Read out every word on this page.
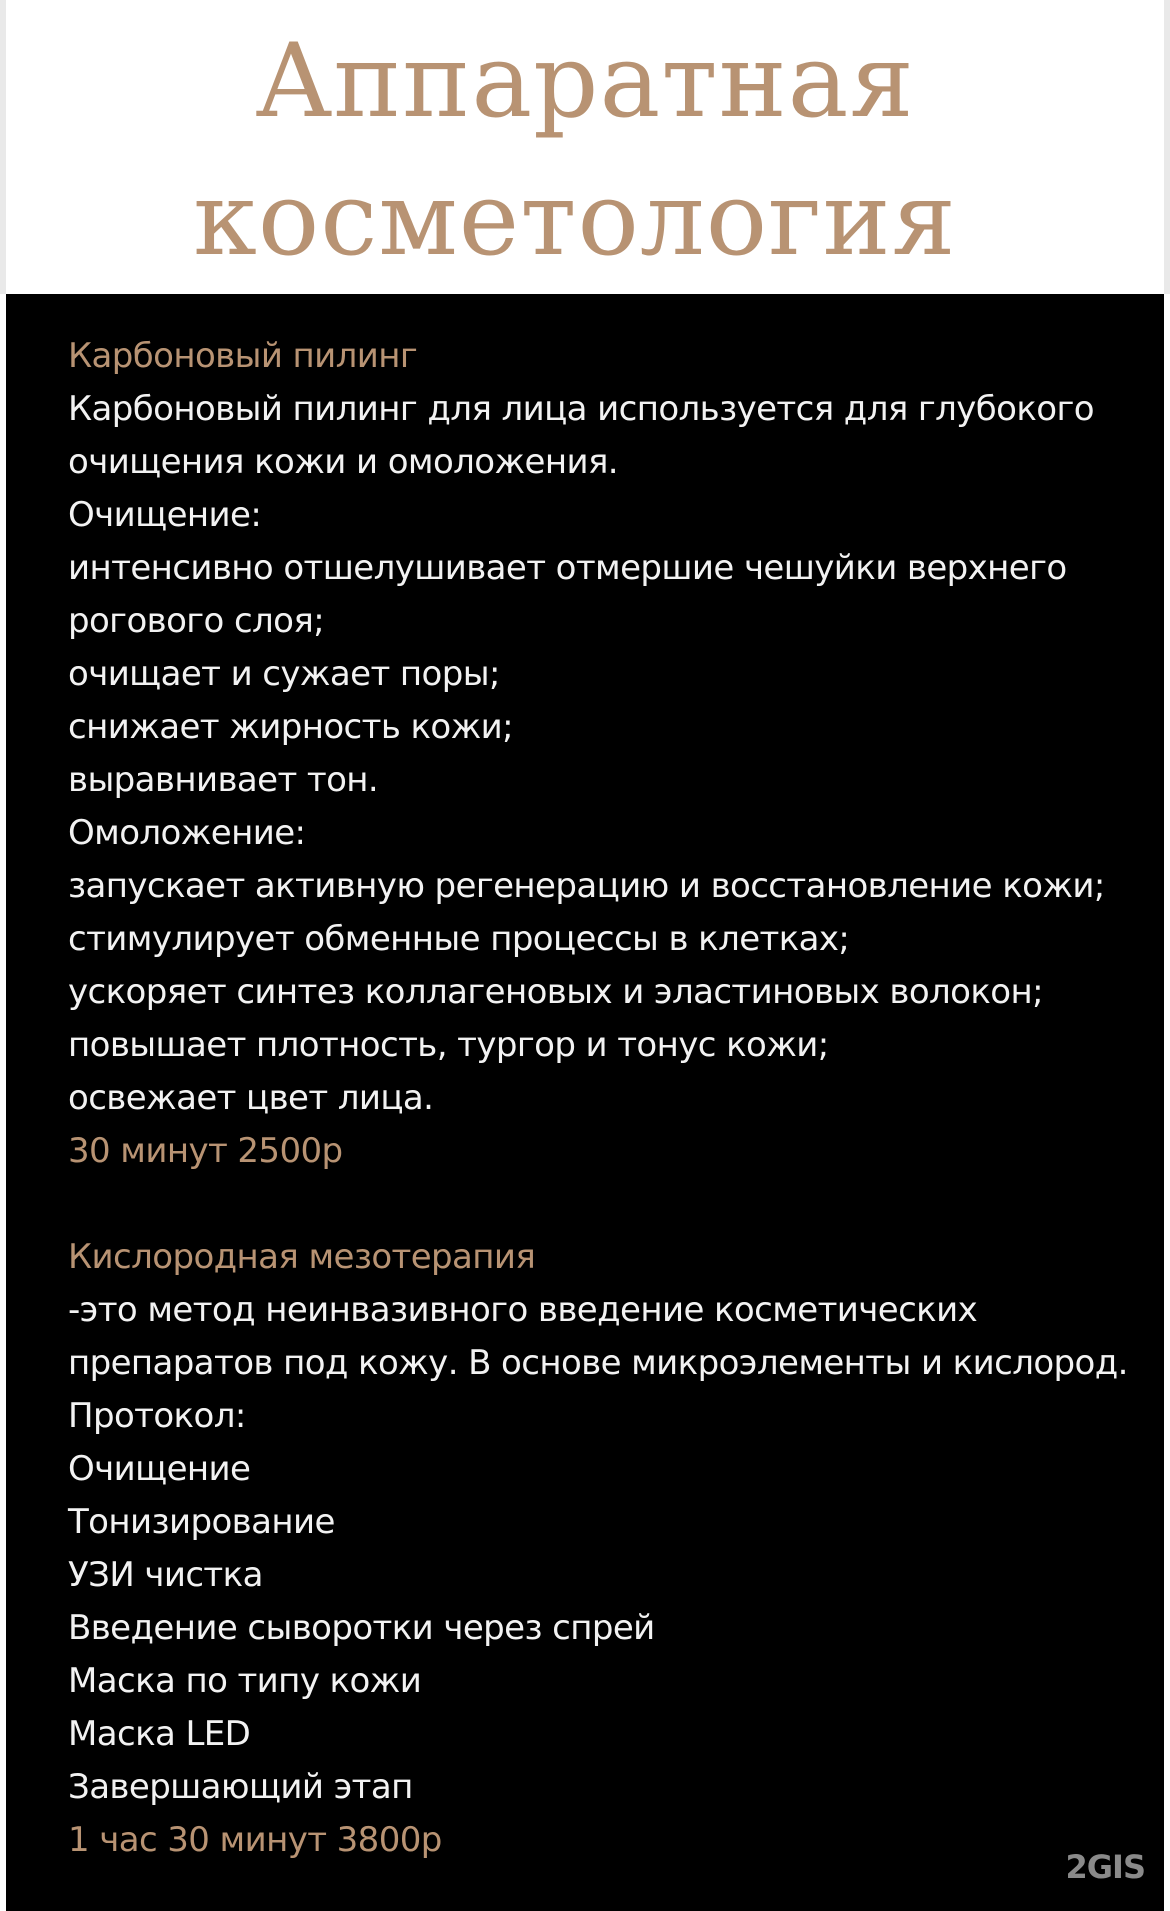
Аппаратная
косметология
Карбоновый пилинг
Карбоновый пилинг для лица используется для глубокого
очищения кожи и омоложения.
Очищение:
интенсивно отшелушивает отмершие чешуйки верхнего
рогового слоя;
очищает и сужает поры;
снижает жирность кожи;
выравнивает тон.
Омоложение:
запускает активную регенерацию и восстановление кожи;
стимулирует обменные процессы в клетках;
ускоряет синтез коллагеновых и эластиновых волокон;
повышает плотность, тургор и тонус кожи;
освежает цвет лица.
30 минут 2500р
Кислородная мезотерапия
-это метод неинвазивного введение косметических
препаратов под кожу. В основе микроэлементы и кислород.
Протокол:
Очищение
Тонизирование
УЗИ чистка
Введение сыворотки через спрей
Маска по типу кожи
Маска LED
Завершающий этап
1 час 30 минут 3800р
2GIS
